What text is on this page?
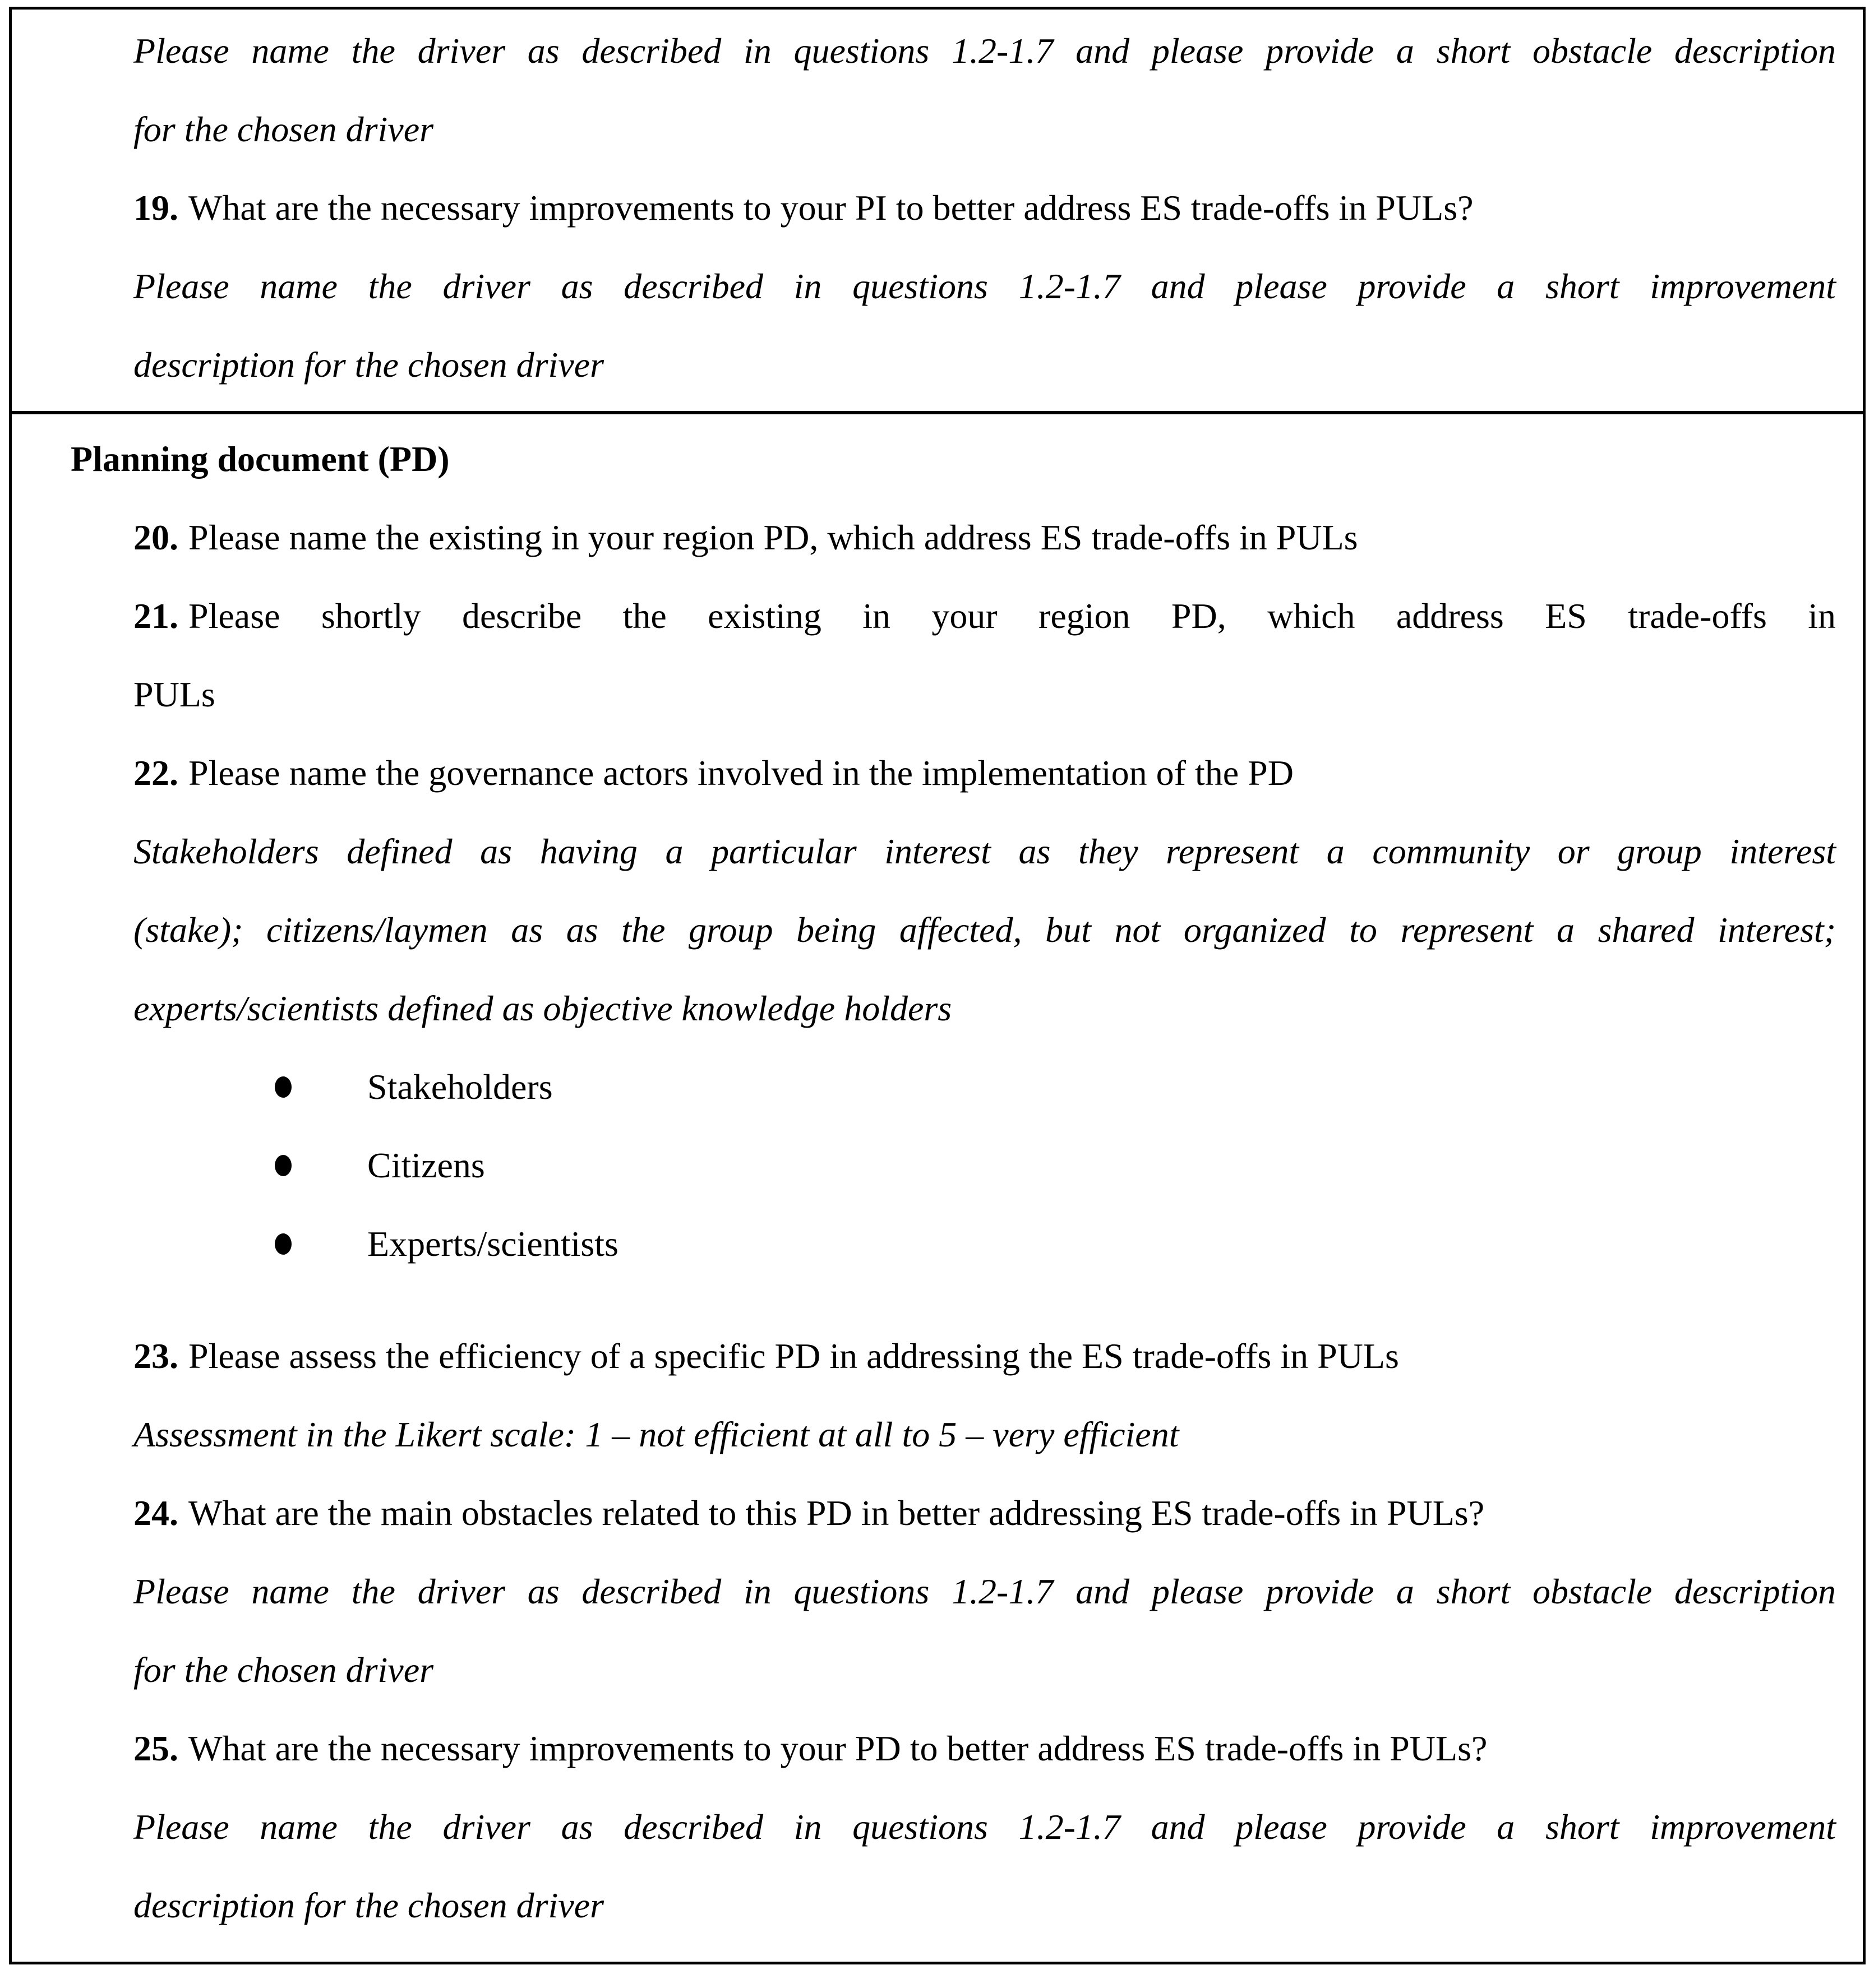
Please name the driver as described in questions 1.2-1.7 and please provide a short obstacle description
for the chosen driver
19. What are the necessary improvements to your PI to better address ES trade-offs in PULs?
Please name the driver as described in questions 1.2-1.7 and please provide a short improvement
description for the chosen driver
Planning document (PD)
20. Please name the existing in your region PD, which address ES trade-offs in PULs
21. Please shortly describe the existing in your region PD, which address ES trade-offs in
PULs
22. Please name the governance actors involved in the implementation of the PD
Stakeholders defined as having a particular interest as they represent a community or group interest
(stake); citizens/laymen as as the group being affected, but not organized to represent a shared interest;
experts/scientists defined as objective knowledge holders
Stakeholders
Citizens
Experts/scientists
23. Please assess the efficiency of a specific PD in addressing the ES trade-offs in PULs
Assessment in the Likert scale: 1 – not efficient at all to 5 – very efficient
24. What are the main obstacles related to this PD in better addressing ES trade-offs in PULs?
Please name the driver as described in questions 1.2-1.7 and please provide a short obstacle description
for the chosen driver
25. What are the necessary improvements to your PD to better address ES trade-offs in PULs?
Please name the driver as described in questions 1.2-1.7 and please provide a short improvement
description for the chosen driver
